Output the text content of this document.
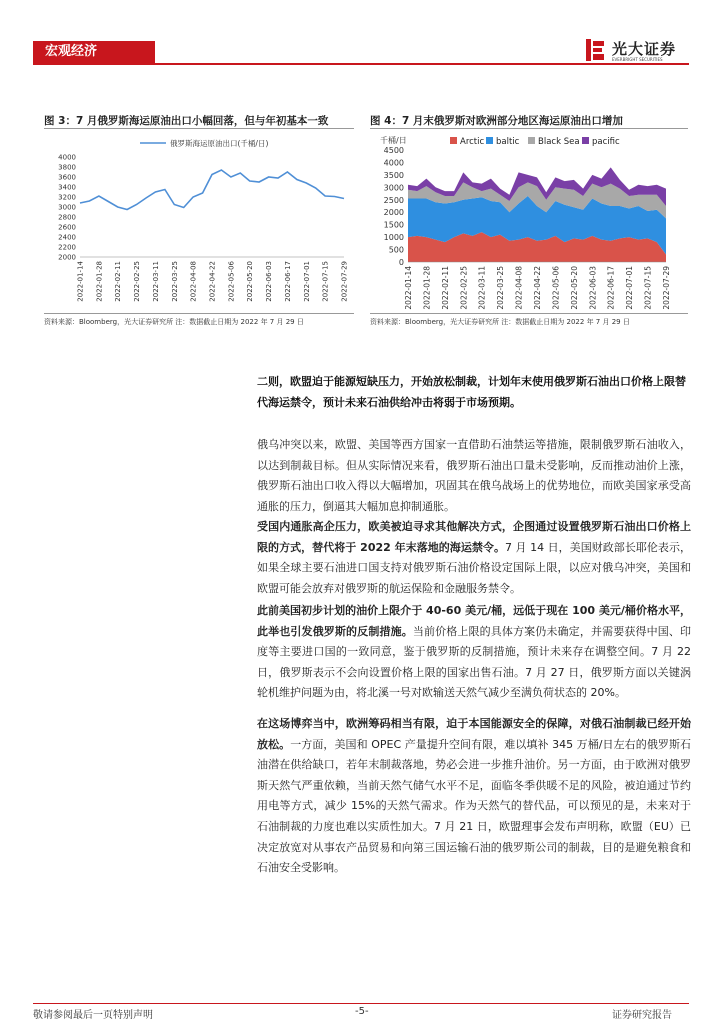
宏观经济	光大证券
EVERBRIGHT SECURITIES
图 3：7 月俄罗斯海运原油出口小幅回落，但与年初基本一致
俄罗斯海运原油出口(千桶/日)
2000
2200
2400
2600
2800
3000
3200
3400
3600
3800
4000
2022-01-14 2022-01-28 2022-02-11 2022-02-25 2022-03-11 2022-03-25 2022-04-08 2022-04-22 2022-05-06 2022-05-20 2022-06-03 2022-06-17 2022-07-01 2022-07-15 2022-07-29
资料来源：Bloomberg，光大证券研究所 注：数据截止日期为 2022 年 7 月 29 日
图 4：7 月末俄罗斯对欧洲部分地区海运原油出口增加
千桶/日	Arctic baltic Black Sea pacific
0
500
1000
1500
2000
2500
3000
3500
4000
4500
2022-01-14 2022-01-28 2022-02-11 2022-02-25 2022-03-11 2022-03-25 2022-04-08 2022-04-22 2022-05-06 2022-05-20 2022-06-03 2022-06-17 2022-07-01 2022-07-15 2022-07-29
资料来源：Bloomberg，光大证券研究所 注：数据截止日期为 2022 年 7 月 29 日
二则，欧盟迫于能源短缺压力，开始放松制裁，计划年末使用俄罗斯石油出口价格上限替代海运禁令，预计未来石油供给冲击将弱于市场预期。

俄乌冲突以来，欧盟、美国等西方国家一直借助石油禁运等措施，限制俄罗斯石油收入，以达到制裁目标。但从实际情况来看，俄罗斯石油出口量未受影响，反而推动油价上涨，俄罗斯石油出口收入得以大幅增加，巩固其在俄乌战场上的优势地位，而欧美国家承受高通胀的压力，倒逼其大幅加息抑制通胀。

受国内通胀高企压力，欧美被迫寻求其他解决方式，企图通过设置俄罗斯石油出口价格上限的方式，替代将于 2022 年末落地的海运禁令。7 月 14 日，美国财政部长耶伦表示，如果全球主要石油进口国支持对俄罗斯石油价格设定国际上限，以应对俄乌冲突，美国和欧盟可能会放弃对俄罗斯的航运保险和金融服务禁令。

此前美国初步计划的油价上限介于 40-60 美元/桶，远低于现在 100 美元/桶价格水平，此举也引发俄罗斯的反制措施。当前价格上限的具体方案仍未确定，并需要获得中国、印度等主要进口国的一致同意，鉴于俄罗斯的反制措施，预计未来存在调整空间。7 月 22 日，俄罗斯表示不会向设置价格上限的国家出售石油。7 月 27 日，俄罗斯方面以关键涡轮机维护问题为由，将北溪一号对欧输送天然气减少至满负荷状态的 20%。

在这场博弈当中，欧洲筹码相当有限，迫于本国能源安全的保障，对俄石油制裁已经开始放松。一方面，美国和 OPEC 产量提升空间有限，难以填补 345 万桶/日左右的俄罗斯石油潜在供给缺口，若年末制裁落地，势必会进一步推升油价。另一方面，由于欧洲对俄罗斯天然气严重依赖，当前天然气储气水平不足，面临冬季供暖不足的风险，被迫通过节约用电等方式，减少 15%的天然气需求。作为天然气的替代品，可以预见的是，未来对于石油制裁的力度也难以实质性加大。7 月 21 日，欧盟理事会发布声明称，欧盟（EU）已决定放宽对从事农产品贸易和向第三国运输石油的俄罗斯公司的制裁，目的是避免粮食和石油安全受影响。

敬请参阅最后一页特别声明	-5-	证券研究报告
